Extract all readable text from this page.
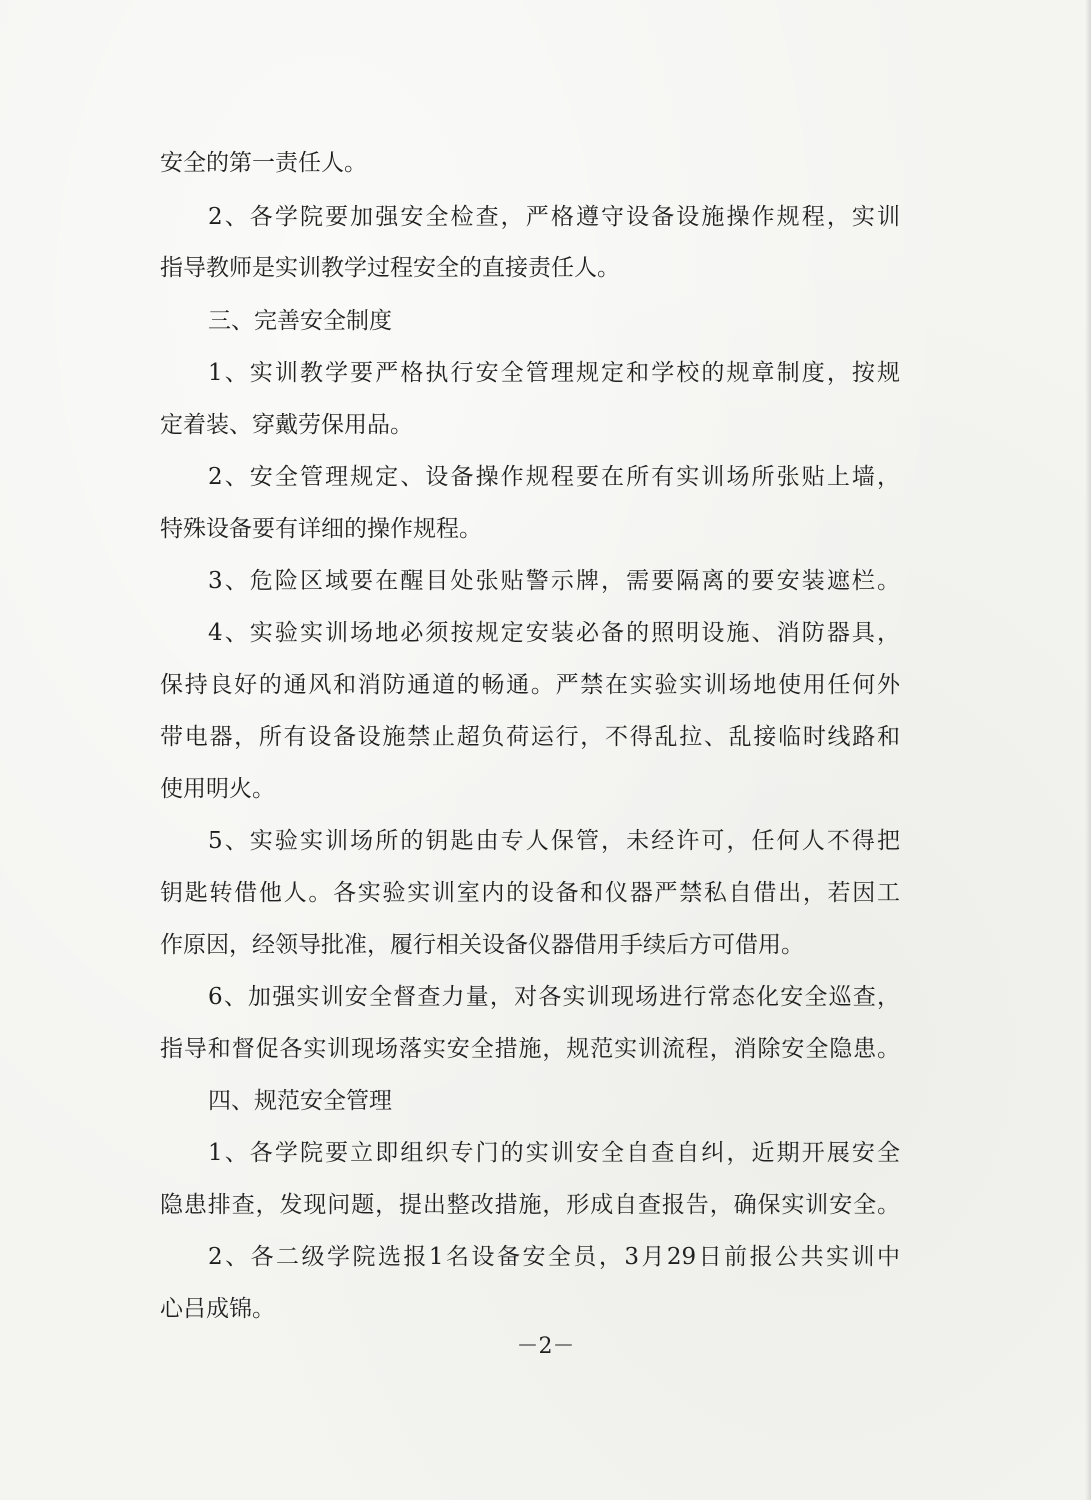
安全的第一责任人。
2、各学院要加强安全检查，严格遵守设备设施操作规程，实训
指导教师是实训教学过程安全的直接责任人。
三、完善安全制度
1、实训教学要严格执行安全管理规定和学校的规章制度，按规
定着装、穿戴劳保用品。
2、安全管理规定、设备操作规程要在所有实训场所张贴上墙，
特殊设备要有详细的操作规程。
3、危险区域要在醒目处张贴警示牌，需要隔离的要安装遮栏。
4、实验实训场地必须按规定安装必备的照明设施、消防器具，
保持良好的通风和消防通道的畅通。严禁在实验实训场地使用任何外
带电器，所有设备设施禁止超负荷运行，不得乱拉、乱接临时线路和
使用明火。
5、实验实训场所的钥匙由专人保管，未经许可，任何人不得把
钥匙转借他人。各实验实训室内的设备和仪器严禁私自借出，若因工
作原因，经领导批准，履行相关设备仪器借用手续后方可借用。
6、加强实训安全督查力量，对各实训现场进行常态化安全巡查，
指导和督促各实训现场落实安全措施，规范实训流程，消除安全隐患。
四、规范安全管理
1、各学院要立即组织专门的实训安全自查自纠，近期开展安全
隐患排查，发现问题，提出整改措施，形成自查报告，确保实训安全。
2、各二级学院选报1名设备安全员，3月29日前报公共实训中
心吕成锦。
－2－
